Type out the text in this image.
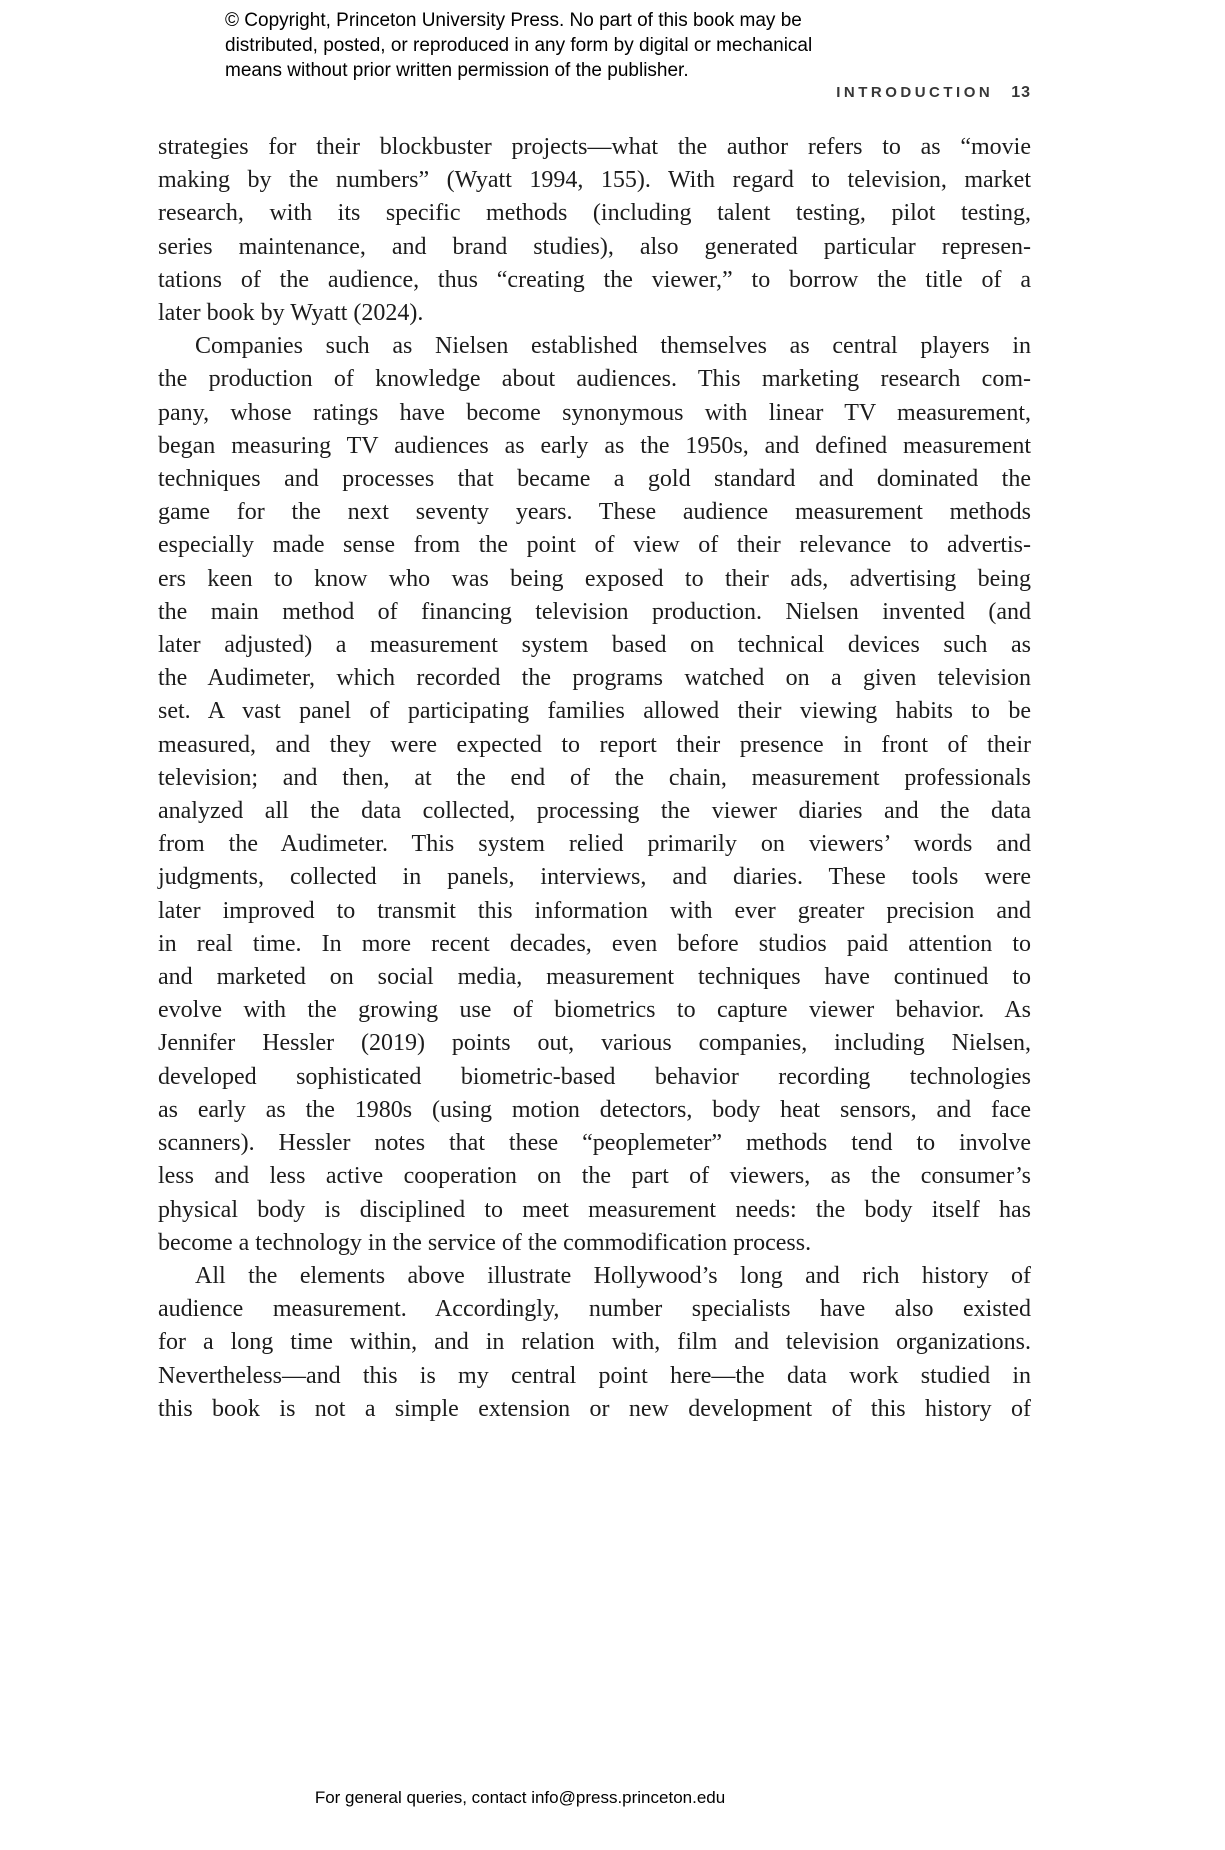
© Copyright, Princeton University Press. No part of this book may be
distributed, posted, or reproduced in any form by digital or mechanical
means without prior written permission of the publisher.
INTRODUCTION 13
strategies for their blockbuster projects—what the author refers to as “movie
making by the numbers” (Wyatt 1994, 155). With regard to television, market
research, with its specific methods (including talent testing, pilot testing,
series maintenance, and brand studies), also generated particular represen-
tations of the audience, thus “creating the viewer,” to borrow the title of a
later book by Wyatt (2024).
Companies such as Nielsen established themselves as central players in
the production of knowledge about audiences. This marketing research com-
pany, whose ratings have become synonymous with linear TV measurement,
began measuring TV audiences as early as the 1950s, and defined measurement
techniques and processes that became a gold standard and dominated the
game for the next seventy years. These audience measurement methods
especially made sense from the point of view of their relevance to advertis-
ers keen to know who was being exposed to their ads, advertising being
the main method of financing television production. Nielsen invented (and
later adjusted) a measurement system based on technical devices such as
the Audimeter, which recorded the programs watched on a given television
set. A vast panel of participating families allowed their viewing habits to be
measured, and they were expected to report their presence in front of their
television; and then, at the end of the chain, measurement professionals
analyzed all the data collected, processing the viewer diaries and the data
from the Audimeter. This system relied primarily on viewers’ words and
judgments, collected in panels, interviews, and diaries. These tools were
later improved to transmit this information with ever greater precision and
in real time. In more recent decades, even before studios paid attention to
and marketed on social media, measurement techniques have continued to
evolve with the growing use of biometrics to capture viewer behavior. As
Jennifer Hessler (2019) points out, various companies, including Nielsen,
developed sophisticated biometric-based behavior recording technologies
as early as the 1980s (using motion detectors, body heat sensors, and face
scanners). Hessler notes that these “peoplemeter” methods tend to involve
less and less active cooperation on the part of viewers, as the consumer’s
physical body is disciplined to meet measurement needs: the body itself has
become a technology in the service of the commodification process.
All the elements above illustrate Hollywood’s long and rich history of
audience measurement. Accordingly, number specialists have also existed
for a long time within, and in relation with, film and television organizations.
Nevertheless—and this is my central point here—the data work studied in
this book is not a simple extension or new development of this history of
For general queries, contact info@press.princeton.edu
